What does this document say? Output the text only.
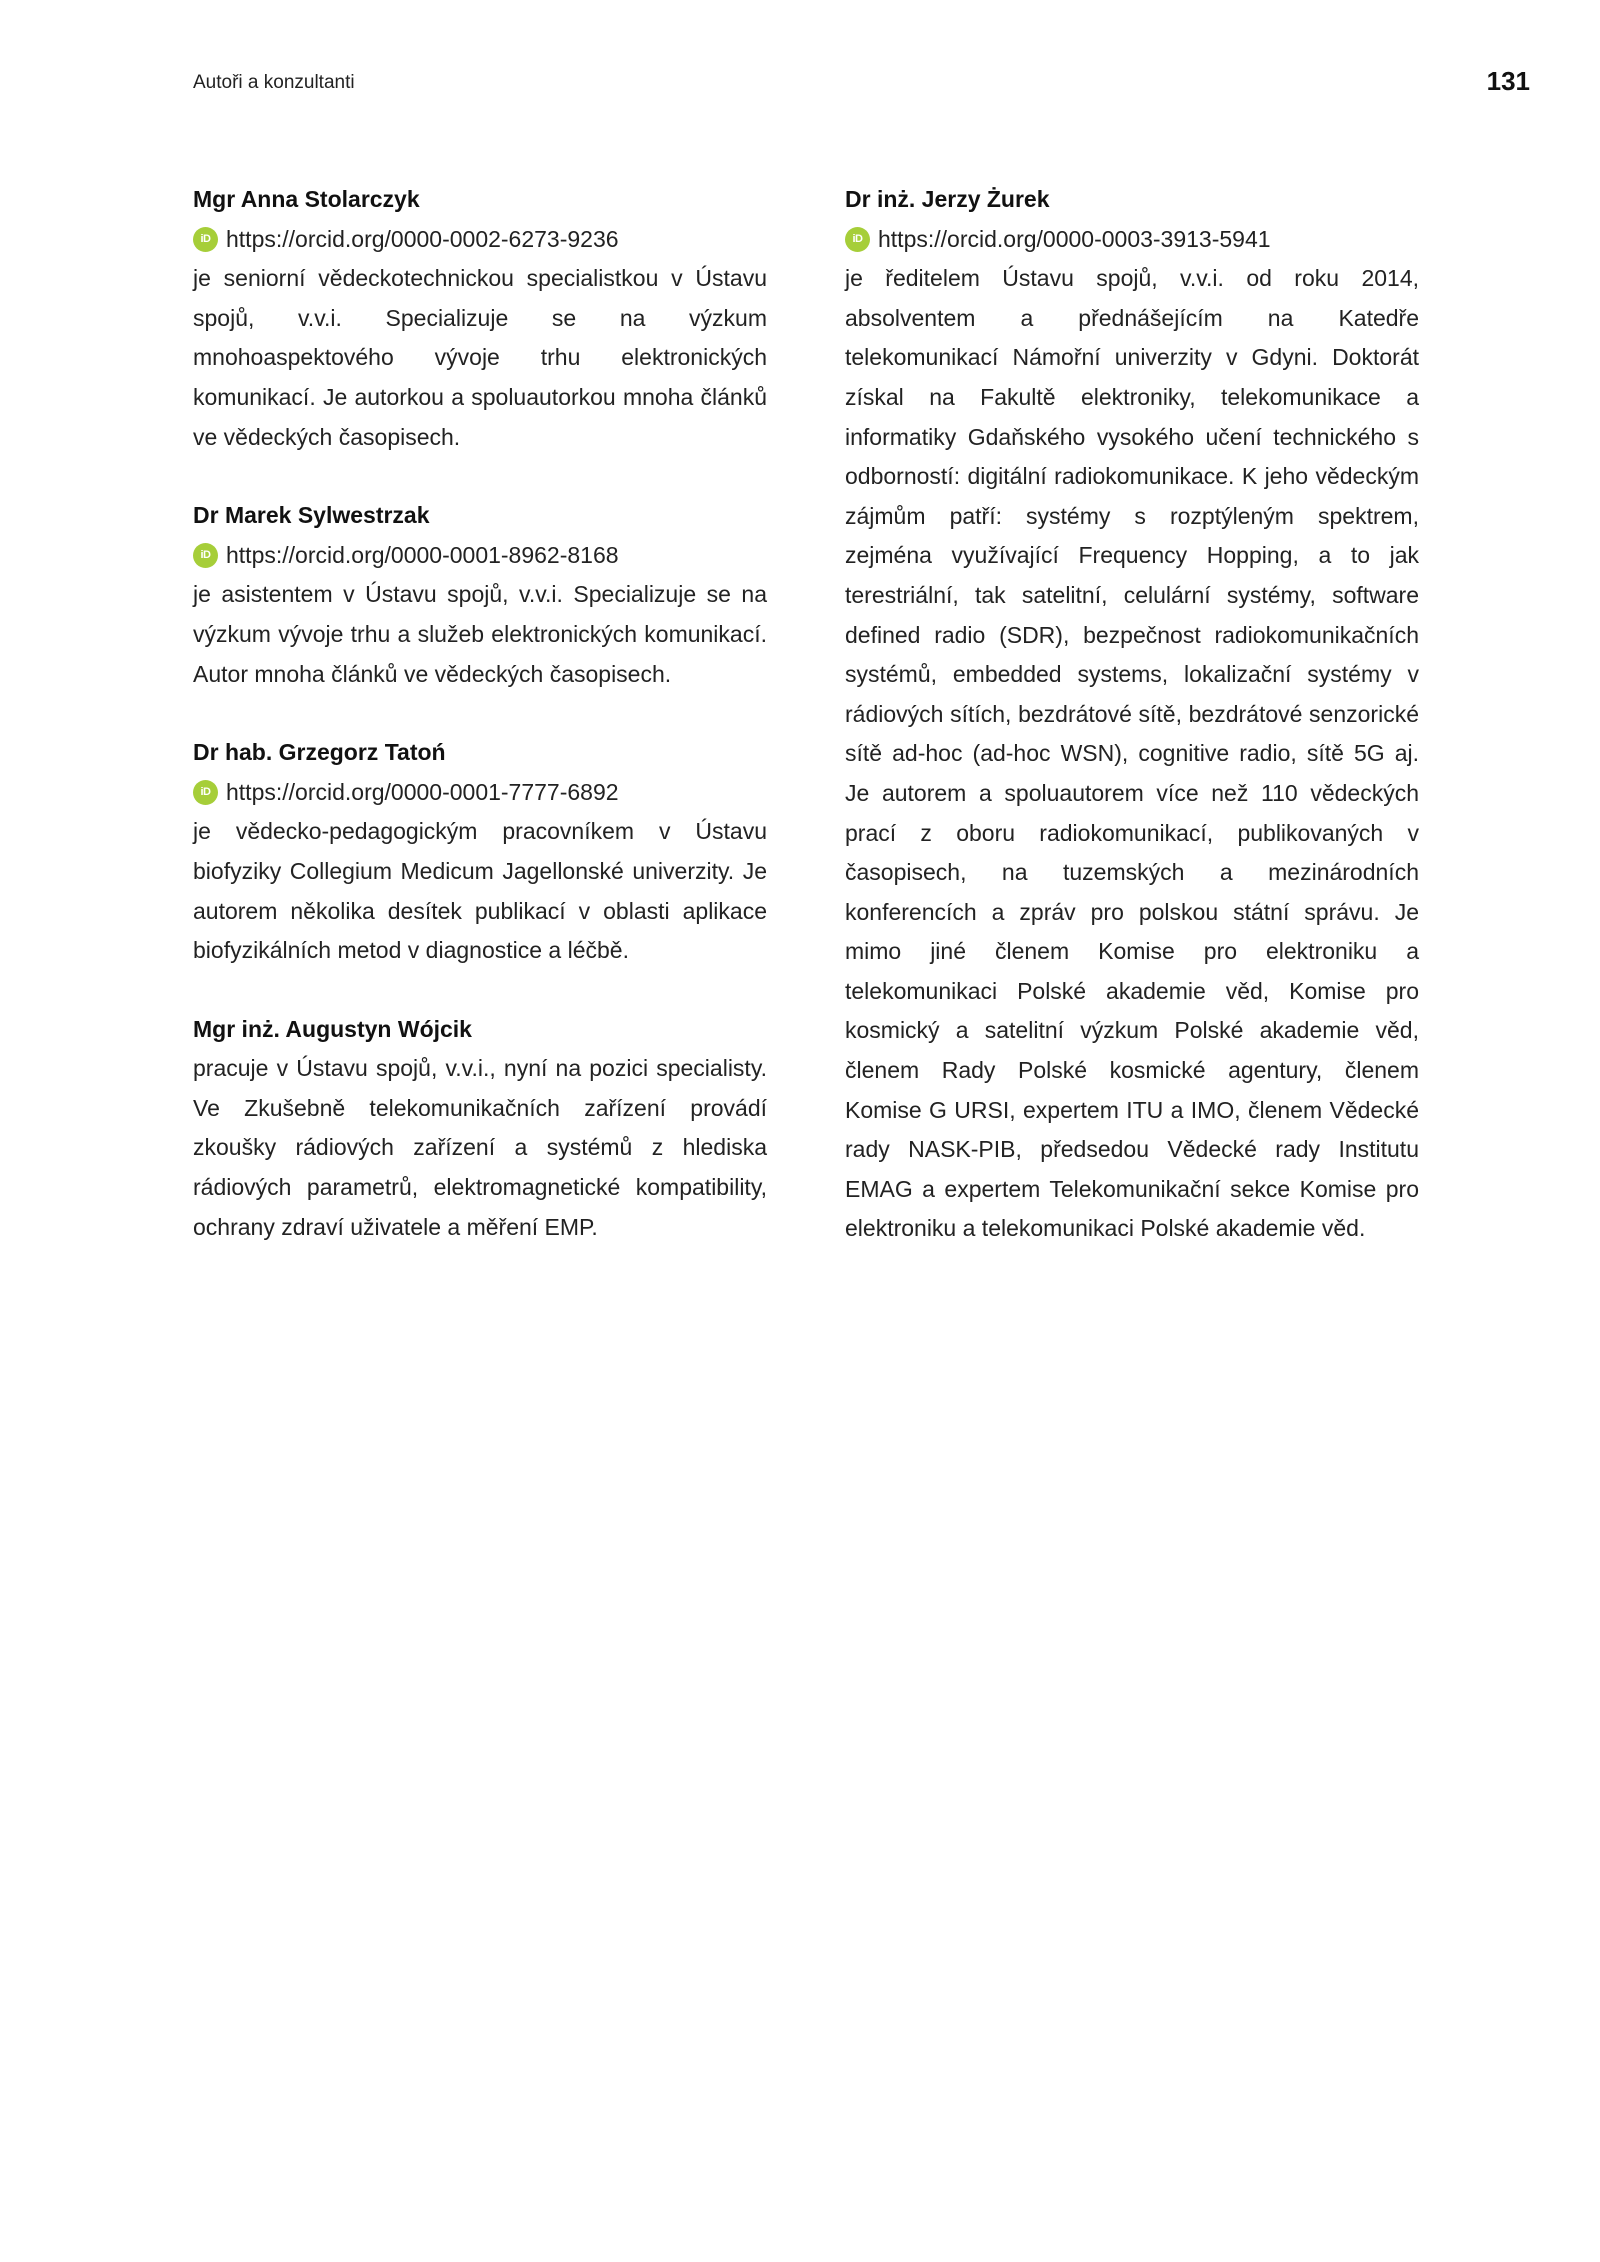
Autoři a konzultanti	131
Mgr Anna Stolarczyk
iD https://orcid.org/0000-0002-6273-9236

je seniorní vědeckotechnickou specialistkou v Ústavu spojů, v.v.i. Specializuje se na výzkum mnohoaspektového vývoje trhu elektronických komunikací. Je autorkou a spoluautorkou mnoha článků ve vědeckých časopisech.

Dr Marek Sylwestrzak
iD https://orcid.org/0000-0001-8962-8168

je asistentem v Ústavu spojů, v.v.i. Specializuje se na výzkum vývoje trhu a služeb elektronických komunikací. Autor mnoha článků ve vědeckých časopisech.

Dr hab. Grzegorz Tatoń
iD https://orcid.org/0000-0001-7777-6892

je vědecko-pedagogickým pracovníkem v Ústavu biofyziky Collegium Medicum Jagellonské univerzity. Je autorem několika desítek publikací v oblasti aplikace biofyzikálních metod v diagnostice a léčbě.

Mgr inż. Augustyn Wójcik

pracuje v Ústavu spojů, v.v.i., nyní na pozici specialisty. Ve Zkušebně telekomunikačních zařízení provádí zkoušky rádiových zařízení a systémů z hlediska rádiových parametrů, elektromagnetické kompatibility, ochrany zdraví uživatele a měření EMP.

Dr inż. Jerzy Żurek
iD https://orcid.org/0000-0003-3913-5941

je ředitelem Ústavu spojů, v.v.i. od roku 2014, absolventem a přednášejícím na Katedře telekomunikací Námořní univerzity v Gdyni. Doktorát získal na Fakultě elektroniky, telekomunikace a informatiky Gdaňského vysokého učení technického s odborností: digitální radiokomunikace. K jeho vědeckým zájmům patří: systémy s rozptýleným spektrem, zejména využívající Frequency Hopping, a to jak terestriální, tak satelitní, celulární systémy, software defined radio (SDR), bezpečnost radiokomunikačních systémů, embedded systems, lokalizační systémy v rádiových sítích, bezdrátové sítě, bezdrátové senzorické sítě ad-hoc (ad-hoc WSN), cognitive radio, sítě 5G aj. Je autorem a spoluautorem více než 110 vědeckých prací z oboru radiokomunikací, publikovaných v časopisech, na tuzemských a mezinárodních konferencích a zpráv pro polskou státní správu. Je mimo jiné členem Komise pro elektroniku a telekomunikaci Polské akademie věd, Komise pro kosmický a satelitní výzkum Polské akademie věd, členem Rady Polské kosmické agentury, členem Komise G URSI, expertem ITU a IMO, členem Vědecké rady NASK-PIB, předsedou Vědecké rady Institutu EMAG a expertem Telekomunikační sekce Komise pro elektroniku a telekomunikaci Polské akademie věd.
